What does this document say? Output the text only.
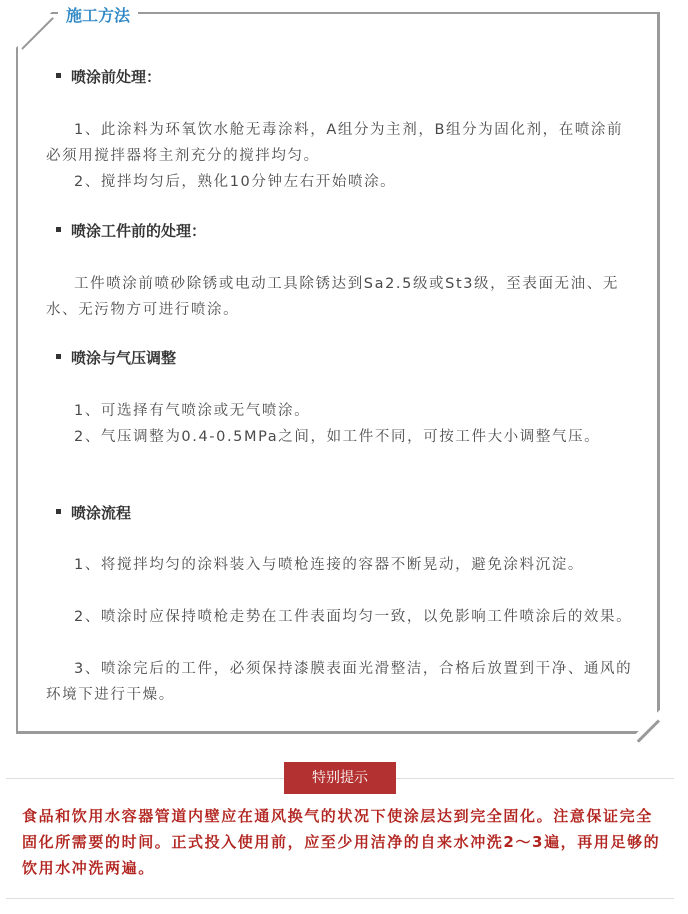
施工方法
喷涂前处理：

1、此涂料为环氧饮水舱无毒涂料，A组分为主剂，B组分为固化剂，在喷涂前必须用搅拌器将主剂充分的搅拌均匀。

2、搅拌均匀后，熟化10分钟左右开始喷涂。

喷涂工件前的处理：

工件喷涂前喷砂除锈或电动工具除锈达到Sa2.5级或St3级，至表面无油、无水、无污物方可进行喷涂。

喷涂与气压调整

1、可选择有气喷涂或无气喷涂。

2、气压调整为0.4-0.5MPa之间，如工件不同，可按工件大小调整气压。

喷涂流程

1、将搅拌均匀的涂料装入与喷枪连接的容器不断晃动，避免涂料沉淀。

2、喷涂时应保持喷枪走势在工件表面均匀一致，以免影响工件喷涂后的效果。

3、喷涂完后的工件，必须保持漆膜表面光滑整洁，合格后放置到干净、通风的环境下进行干燥。

特别提示

食品和饮用水容器管道内壁应在通风换气的状况下使涂层达到完全固化。注意保证完全固化所需要的时间。正式投入使用前，应至少用洁净的自来水冲洗2～3遍，再用足够的饮用水冲洗两遍。
